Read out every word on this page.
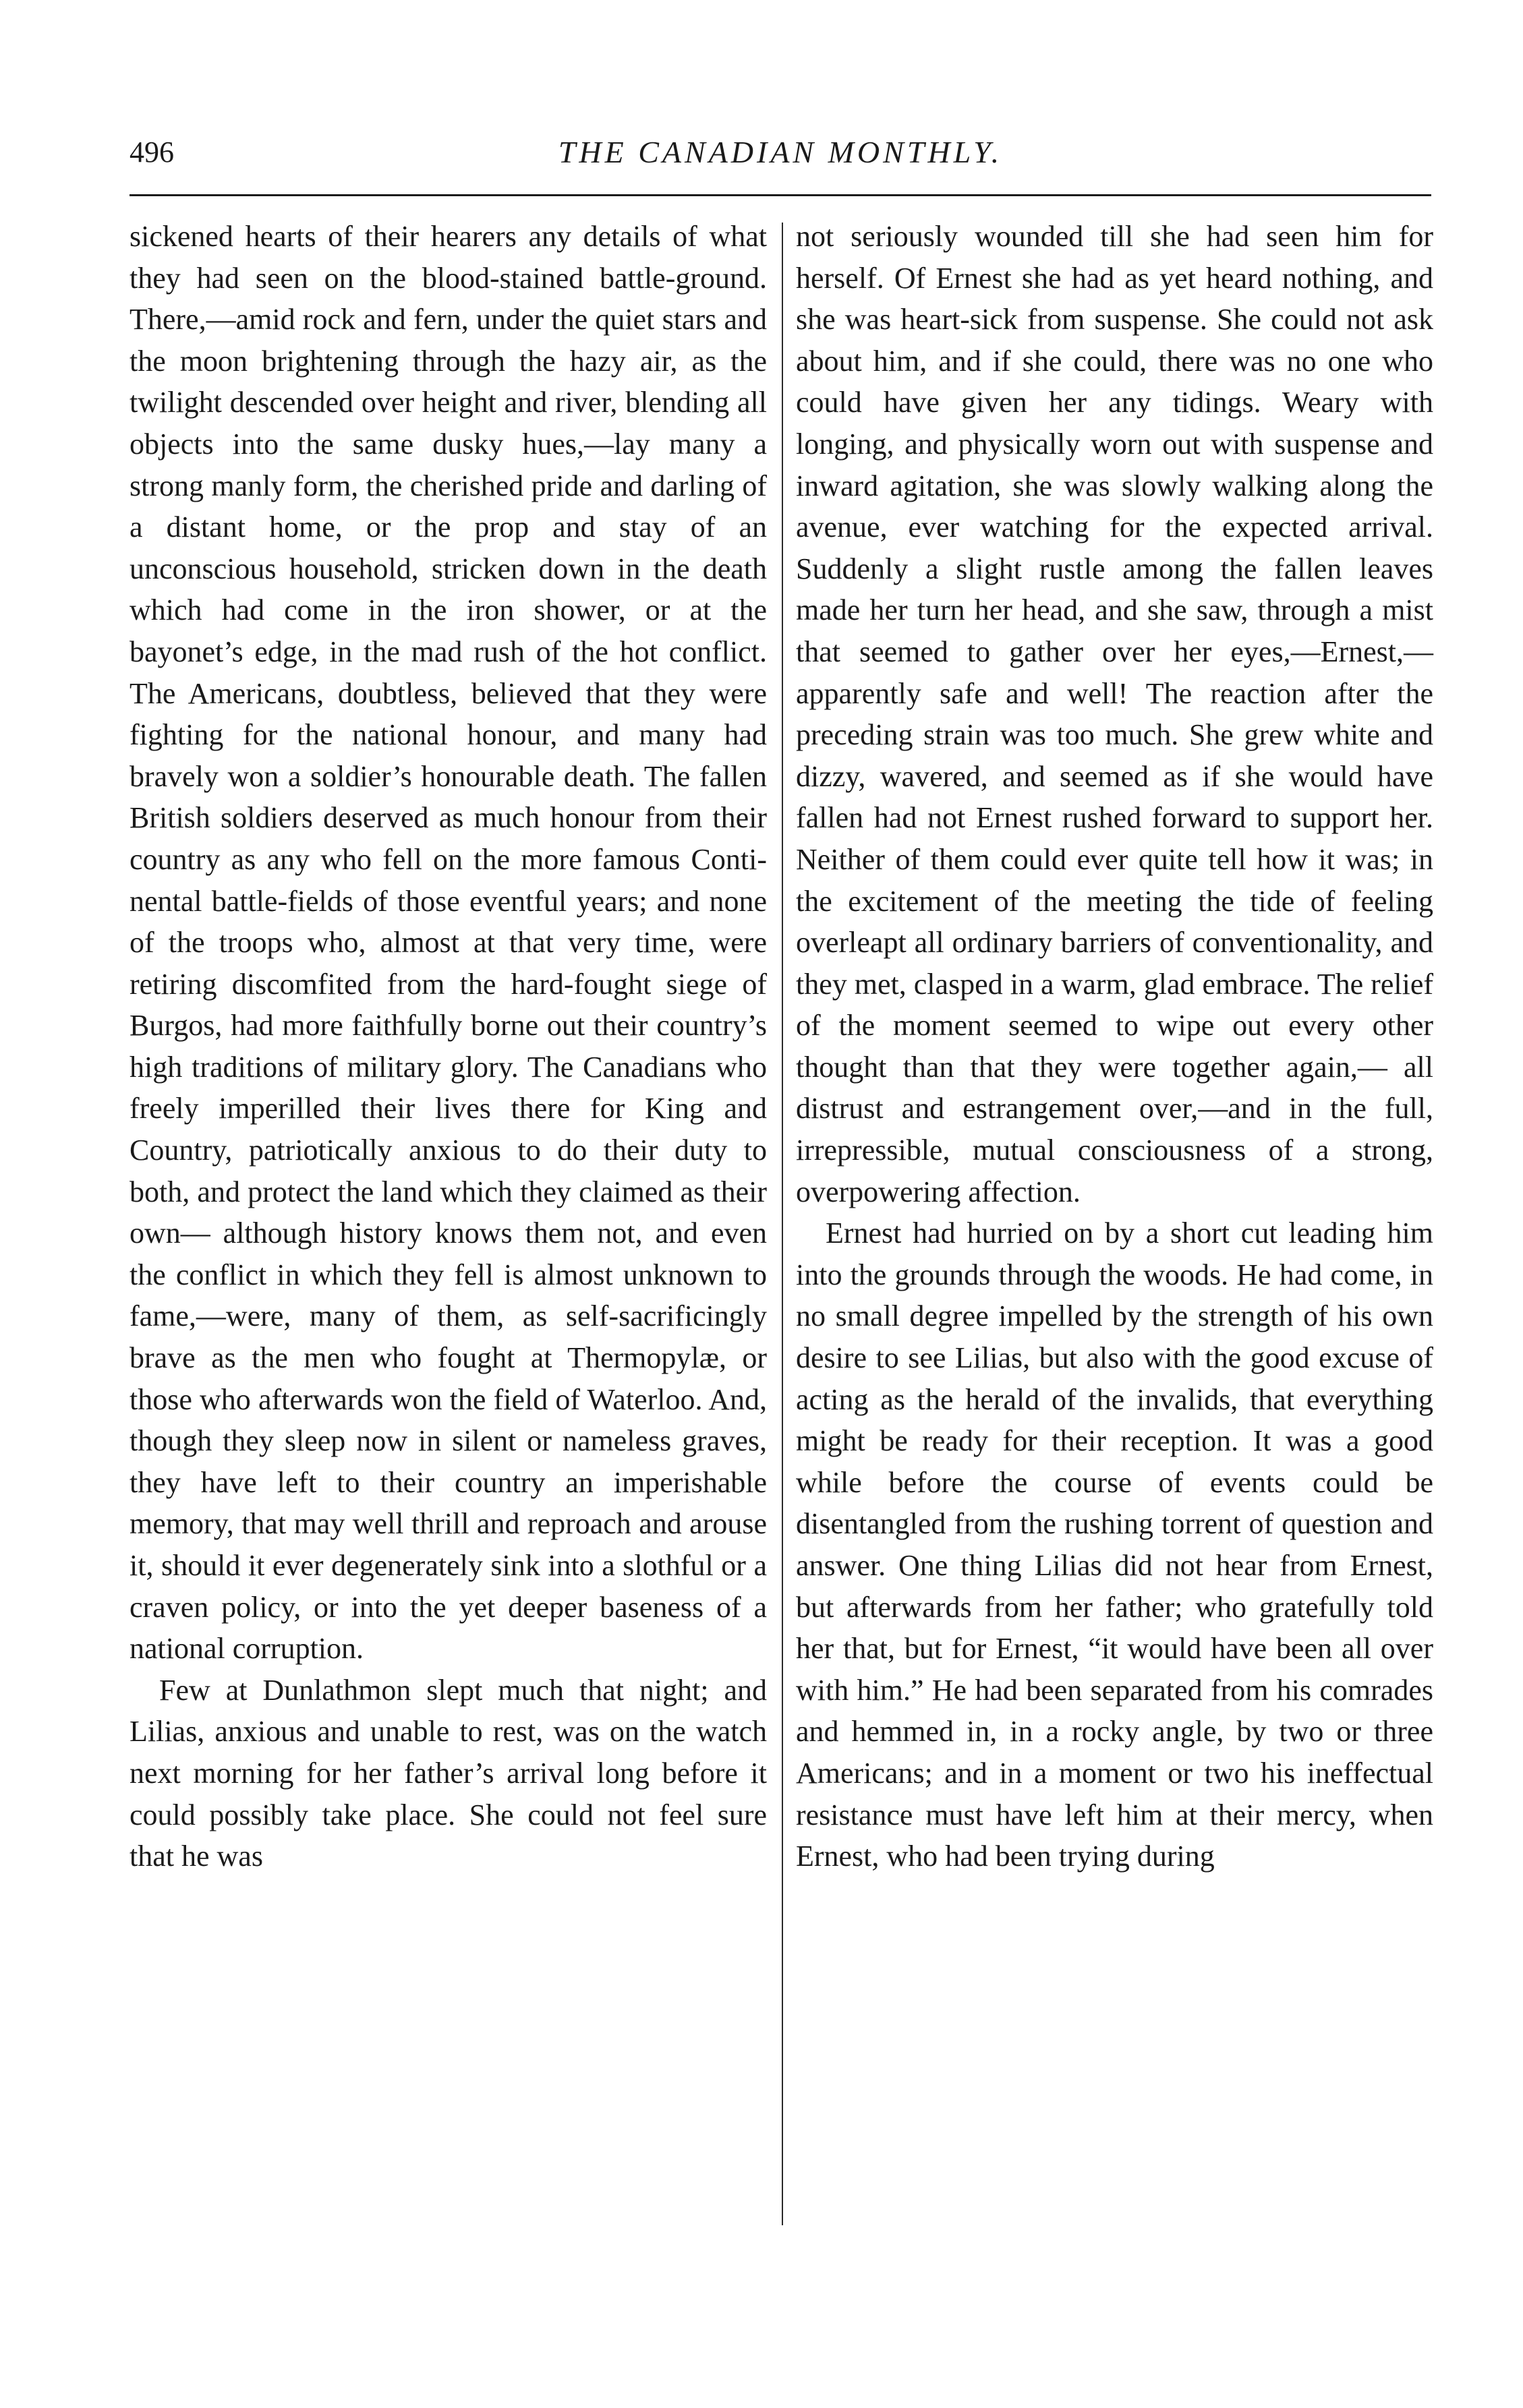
496	THE CANADIAN MONTHLY.

sickened hearts of their hearers any details of what they had seen on the blood-stained battle-ground. There,—amid rock and fern, under the quiet stars and the moon brightening through the hazy air, as the twilight descended over height and river, blending all objects into the same dusky hues,—lay many a strong manly form, the cherished pride and darling of a distant home, or the prop and stay of an unconscious household, stricken down in the death which had come in the iron shower, or at the bayonet’s edge, in the mad rush of the hot conflict. The Americans, doubtless, believed that they were fighting for the national honour, and many had bravely won a soldier’s honourable death. The fallen British soldiers deserved as much honour from their country as any who fell on the more famous Continental battle-fields of those eventful years; and none of the troops who, almost at that very time, were retiring discomfited from the hard-fought siege of Burgos, had more faithfully borne out their country’s high traditions of military glory. The Canadians who freely imperilled their lives there for King and Country, patriotically anxious to do their duty to both, and protect the land which they claimed as their own— although history knows them not, and even the conflict in which they fell is almost unknown to fame,—were, many of them, as self-sacrificingly brave as the men who fought at Thermopylæ, or those who afterwards won the field of Waterloo. And, though they sleep now in silent or nameless graves, they have left to their country an imperishable memory, that may well thrill and reproach and arouse it, should it ever degenerately sink into a slothful or a craven policy, or into the yet deeper baseness of a national corruption.

Few at Dunlathmon slept much that night; and Lilias, anxious and unable to rest, was on the watch next morning for her father’s arrival long before it could possibly take place. She could not feel sure that he was

not seriously wounded till she had seen him for herself. Of Ernest she had as yet heard nothing, and she was heart-sick from suspense. She could not ask about him, and if she could, there was no one who could have given her any tidings. Weary with longing, and physically worn out with suspense and inward agitation, she was slowly walking along the avenue, ever watching for the expected arrival. Suddenly a slight rustle among the fallen leaves made her turn her head, and she saw, through a mist that seemed to gather over her eyes,—Ernest,— apparently safe and well! The reaction after the preceding strain was too much. She grew white and dizzy, wavered, and seemed as if she would have fallen had not Ernest rushed forward to support her. Neither of them could ever quite tell how it was; in the excitement of the meeting the tide of feeling overleapt all ordinary barriers of conventionality, and they met, clasped in a warm, glad embrace. The relief of the moment seemed to wipe out every other thought than that they were together again,— all distrust and estrangement over,—and in the full, irrepressible, mutual consciousness of a strong, overpowering affection.

Ernest had hurried on by a short cut leading him into the grounds through the woods. He had come, in no small degree impelled by the strength of his own desire to see Lilias, but also with the good excuse of acting as the herald of the invalids, that everything might be ready for their reception. It was a good while before the course of events could be disentangled from the rushing torrent of question and answer. One thing Lilias did not hear from Ernest, but afterwards from her father; who gratefully told her that, but for Ernest, “it would have been all over with him.” He had been separated from his comrades and hemmed in, in a rocky angle, by two or three Americans; and in a moment or two his ineffectual resistance must have left him at their mercy, when Ernest, who had been trying during
